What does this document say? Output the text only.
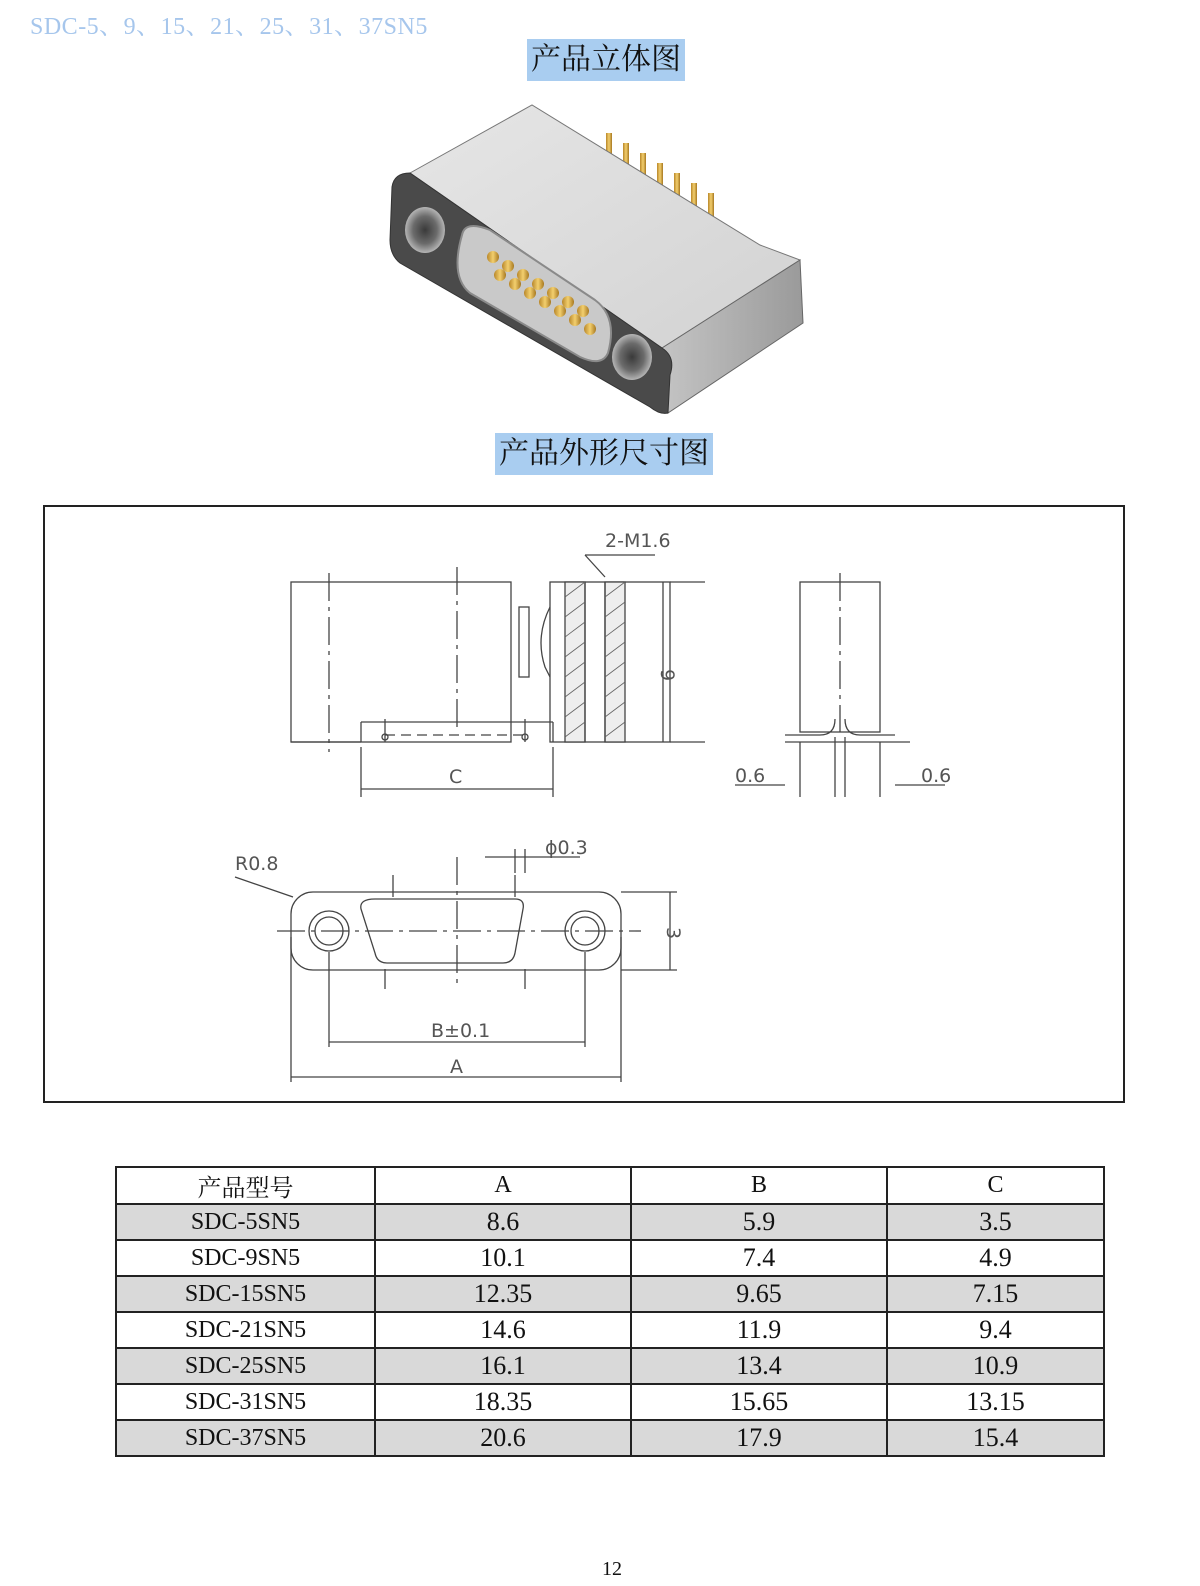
SDC-5、9、15、21、25、31、37SN5
产品立体图
产品外形尺寸图
2-M1.6
9
C	0.6	0.6
R0.8
ϕ0.3
3
B±0.1
A
产品型号	A	B	C
SDC-5SN5	8.6	5.9	3.5
SDC-9SN5	10.1	7.4	4.9
SDC-15SN5	12.35	9.65	7.15
SDC-21SN5	14.6	11.9	9.4
SDC-25SN5	16.1	13.4	10.9
SDC-31SN5	18.35	15.65	13.15
SDC-37SN5	20.6	17.9	15.4
12
